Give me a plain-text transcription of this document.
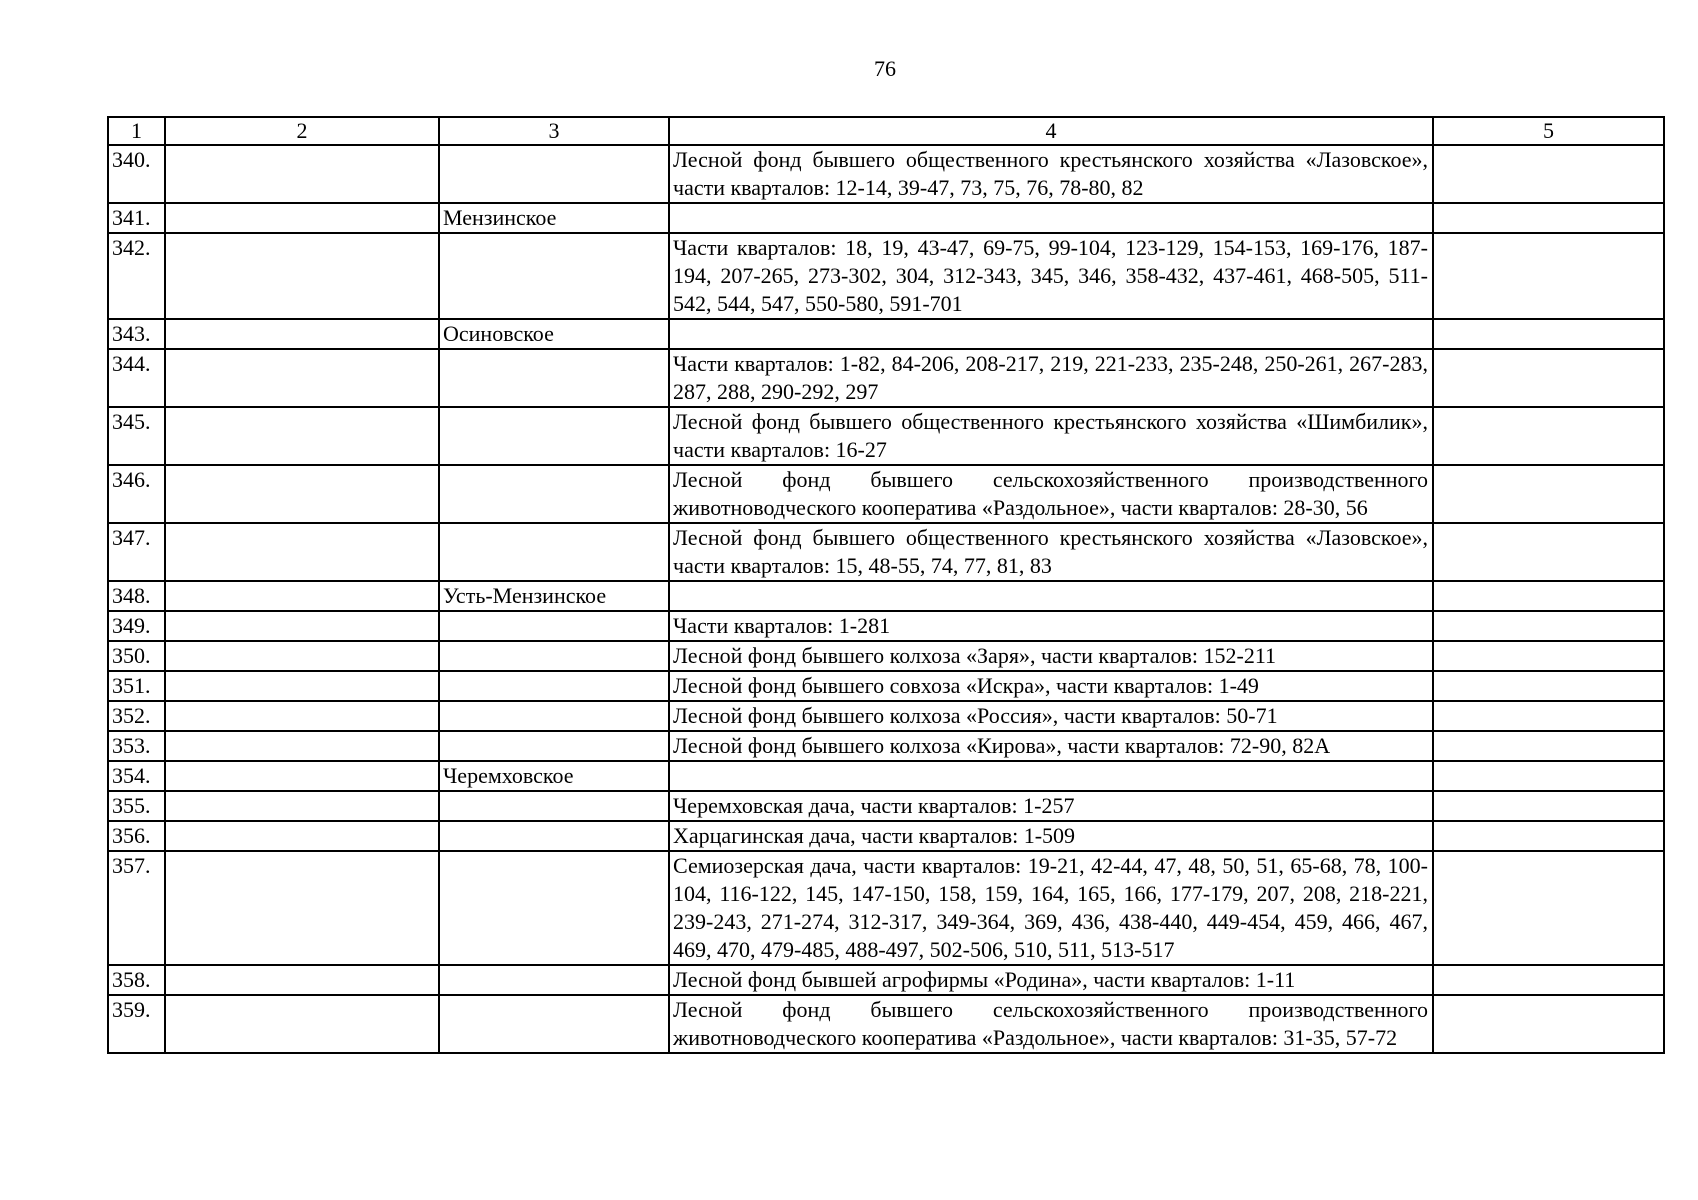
76
1	2	3	4	5
340.			Лесной фонд бывшего общественного крестьянского хозяйства «Лазовское», части кварталов: 12-14, 39-47, 73, 75, 76, 78-80, 82	
341.		Мензинское		
342.			Части кварталов: 18, 19, 43-47, 69-75, 99-104, 123-129, 154-153, 169-176, 187-194, 207-265, 273-302, 304, 312-343, 345, 346, 358-432, 437-461, 468-505, 511-542, 544, 547, 550-580, 591-701	
343.		Осиновское		
344.			Части кварталов: 1-82, 84-206, 208-217, 219, 221-233, 235-248, 250-261, 267-283, 287, 288, 290-292, 297	
345.			Лесной фонд бывшего общественного крестьянского хозяйства «Шимбилик», части кварталов: 16-27	
346.			Лесной фонд бывшего сельскохозяйственного производственного животноводческого кооператива «Раздольное», части кварталов: 28-30, 56	
347.			Лесной фонд бывшего общественного крестьянского хозяйства «Лазовское», части кварталов: 15, 48-55, 74, 77, 81, 83	
348.		Усть-Мензинское		
349.			Части кварталов: 1-281	
350.			Лесной фонд бывшего колхоза «Заря», части кварталов: 152-211	
351.			Лесной фонд бывшего совхоза «Искра», части кварталов: 1-49	
352.			Лесной фонд бывшего колхоза «Россия», части кварталов: 50-71	
353.			Лесной фонд бывшего колхоза «Кирова», части кварталов: 72-90, 82А	
354.		Черемховское		
355.			Черемховская дача, части кварталов: 1-257	
356.			Харцагинская дача, части кварталов: 1-509	
357.			Семиозерская дача, части кварталов: 19-21, 42-44, 47, 48, 50, 51, 65-68, 78, 100-104, 116-122, 145, 147-150, 158, 159, 164, 165, 166, 177-179, 207, 208, 218-221, 239-243, 271-274, 312-317, 349-364, 369, 436, 438-440, 449-454, 459, 466, 467, 469, 470, 479-485, 488-497, 502-506, 510, 511, 513-517	
358.			Лесной фонд бывшей агрофирмы «Родина», части кварталов: 1-11	
359.			Лесной фонд бывшего сельскохозяйственного производственного животноводческого кооператива «Раздольное», части кварталов: 31-35, 57-72	
